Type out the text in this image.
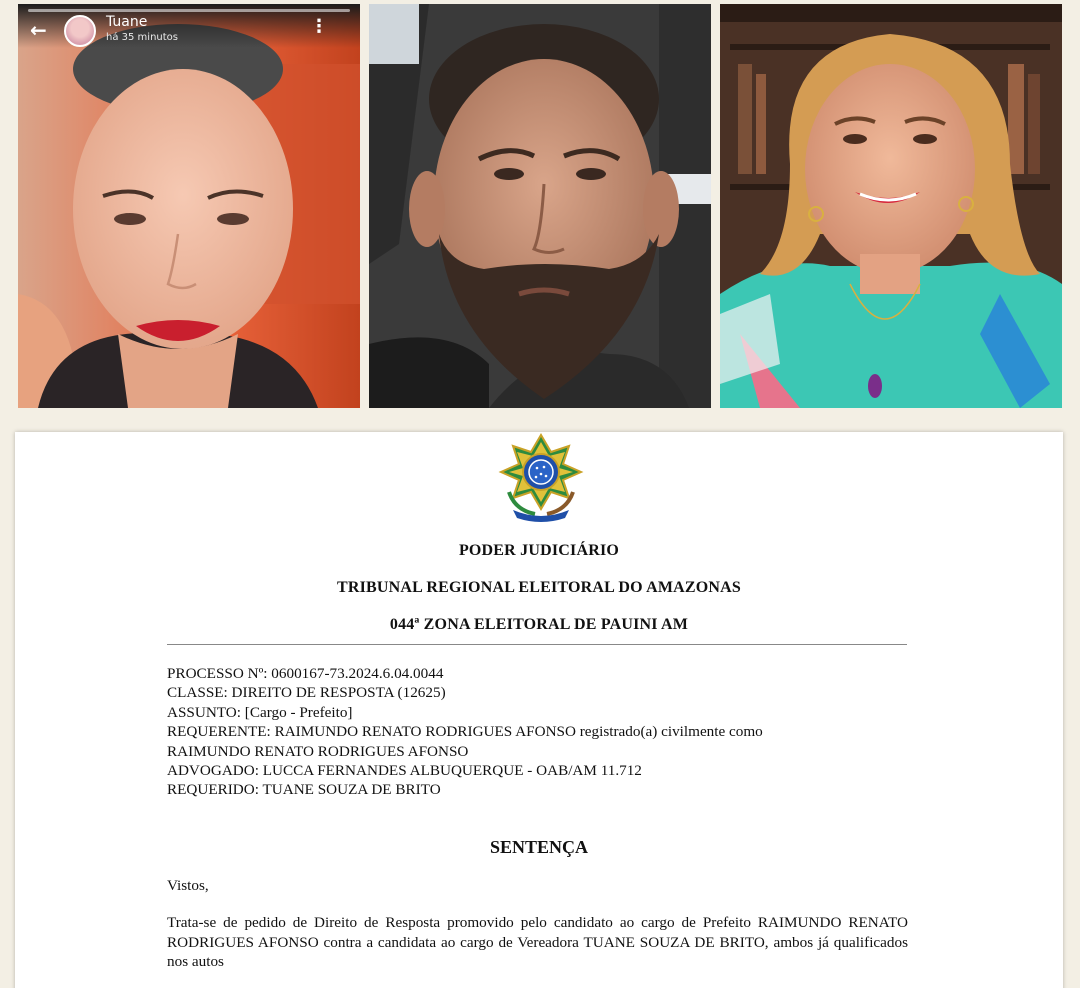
←	Tuane
há 35 minutos
⋮
PODER JUDICIÁRIO
TRIBUNAL REGIONAL ELEITORAL DO AMAZONAS
044ª ZONA ELEITORAL DE PAUINI AM
PROCESSO Nº: 0600167-73.2024.6.04.0044
CLASSE: DIREITO DE RESPOSTA (12625)
ASSUNTO: [Cargo - Prefeito]
REQUERENTE: RAIMUNDO RENATO RODRIGUES AFONSO registrado(a) civilmente como
RAIMUNDO RENATO RODRIGUES AFONSO
ADVOGADO: LUCCA FERNANDES ALBUQUERQUE - OAB/AM 11.712
REQUERIDO: TUANE SOUZA DE BRITO
SENTENÇA
Vistos,
Trata-se de pedido de Direito de Resposta promovido pelo candidato ao cargo de Prefeito RAIMUNDO RENATO RODRIGUES AFONSO contra a candidata ao cargo de Vereadora TUANE SOUZA DE BRITO, ambos já qualificados nos autos
